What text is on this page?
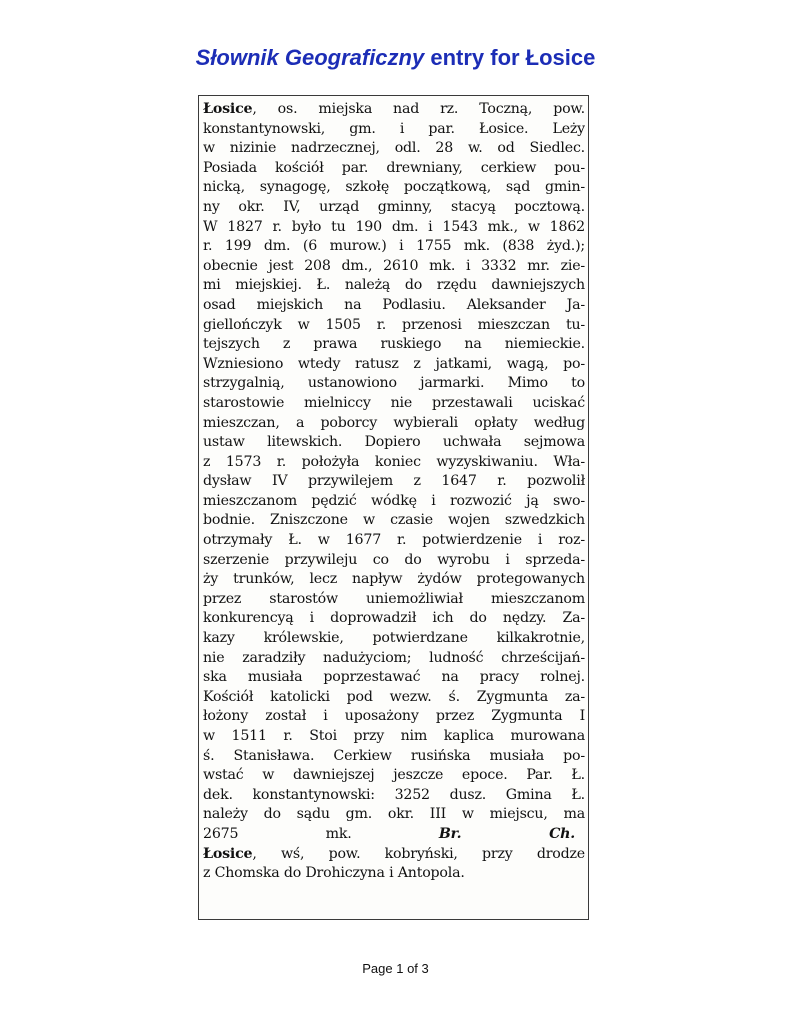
Słownik Geograficzny entry for Łosice
Łosice, os. miejska nad rz. Toczną, pow.
konstantynowski, gm. i par. Łosice. Leży
w nizinie nadrzecznej, odl. 28 w. od Siedlec.
Posiada kościół par. drewniany, cerkiew pou-
nicką, synagogę, szkołę początkową, sąd gmin-
ny okr. IV, urząd gminny, stacyą pocztową.
W 1827 r. było tu 190 dm. i 1543 mk., w 1862
r. 199 dm. (6 murow.) i 1755 mk. (838 żyd.);
obecnie jest 208 dm., 2610 mk. i 3332 mr. zie-
mi miejskiej. Ł. należą do rzędu dawniejszych
osad miejskich na Podlasiu. Aleksander Ja-
giellończyk w 1505 r. przenosi mieszczan tu-
tejszych z prawa ruskiego na niemieckie.
Wzniesiono wtedy ratusz z jatkami, wagą, po-
strzygalnią, ustanowiono jarmarki. Mimo to
starostowie mielniccy nie przestawali uciskać
mieszczan, a poborcy wybierali opłaty według
ustaw litewskich. Dopiero uchwała sejmowa
z 1573 r. położyła koniec wyzyskiwaniu. Wła-
dysław IV przywilejem z 1647 r. pozwolił
mieszczanom pędzić wódkę i rozwozić ją swo-
bodnie. Zniszczone w czasie wojen szwedzkich
otrzymały Ł. w 1677 r. potwierdzenie i roz-
szerzenie przywileju co do wyrobu i sprzeda-
ży trunków, lecz napływ żydów protegowanych
przez starostów uniemożliwiał mieszczanom
konkurencyą i doprowadził ich do nędzy. Za-
kazy królewskie, potwierdzane kilkakrotnie,
nie zaradziły nadużyciom; ludność chrześcijań-
ska musiała poprzestawać na pracy rolnej.
Kościół katolicki pod wezw. ś. Zygmunta za-
łożony został i uposażony przez Zygmunta I
w 1511 r. Stoi przy nim kaplica murowana
ś. Stanisława. Cerkiew rusińska musiała po-
wstać w dawniejszej jeszcze epoce. Par. Ł.
dek. konstantynowski: 3252 dusz. Gmina Ł.
należy do sądu gm. okr. III w miejscu, ma
2675 mk.	Br. Ch.
Łosice, wś, pow. kobryński, przy drodze
z Chomska do Drohiczyna i Antopola.
Page 1 of 3
